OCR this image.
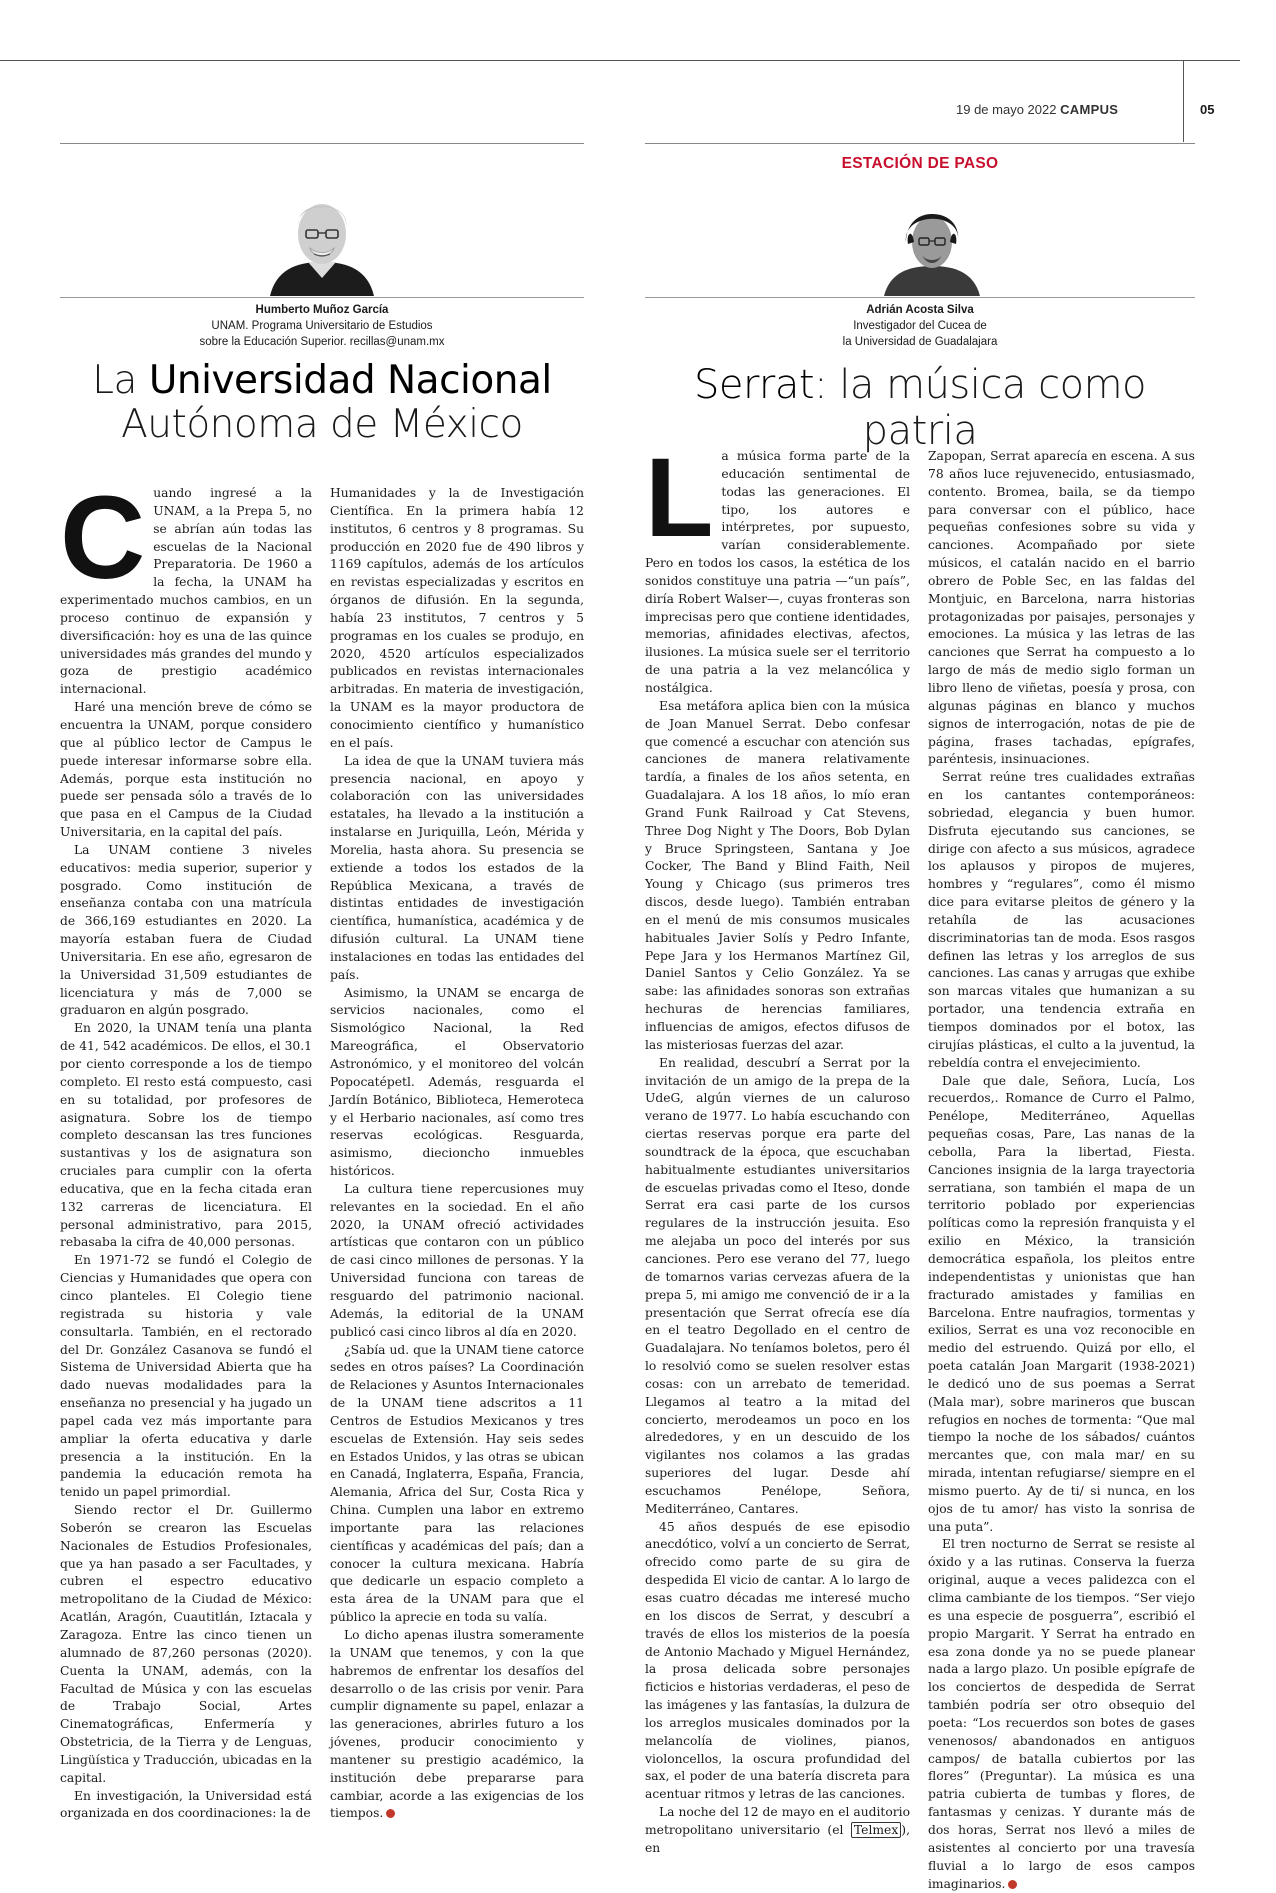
19 de mayo 2022 CAMPUS	05
ESTACIÓN DE PASO
Humberto Muñoz García
UNAM. Programa Universitario de Estudios
sobre la Educación Superior. recillas@unam.mx
La Universidad Nacional
Autónoma de México
C uando ingresé a la UNAM, a la Prepa 5, no se abrían aún todas las escuelas de la Nacional Preparatoria. De 1960 a la fecha, la UNAM ha experimentado muchos cambios, en un proceso continuo de expansión y diversificación: hoy es una de las quince universidades más grandes del mundo y goza de prestigio académico internacional.

Haré una mención breve de cómo se encuentra la UNAM, porque considero que al público lector de Campus le puede interesar informarse sobre ella. Además, porque esta institución no puede ser pensada sólo a través de lo que pasa en el Campus de la Ciudad Universitaria, en la capital del país.

La UNAM contiene 3 niveles educativos: media superior, superior y posgrado. Como institución de enseñanza contaba con una matrícula de 366,169 estudiantes en 2020. La mayoría estaban fuera de Ciudad Universitaria. En ese año, egresaron de la Universidad 31,509 estudiantes de licenciatura y más de 7,000 se graduaron en algún posgrado.

En 2020, la UNAM tenía una planta de 41, 542 académicos. De ellos, el 30.1 por ciento corresponde a los de tiempo completo. El resto está compuesto, casi en su totalidad, por profesores de asignatura. Sobre los de tiempo completo descansan las tres funciones sustantivas y los de asignatura son cruciales para cumplir con la oferta educativa, que en la fecha citada eran 132 carreras de licenciatura. El personal administrativo, para 2015, rebasaba la cifra de 40,000 personas.

En 1971-72 se fundó el Colegio de Ciencias y Humanidades que opera con cinco planteles. El Colegio tiene registrada su historia y vale consultarla. También, en el rectorado del Dr. González Casanova se fundó el Sistema de Universidad Abierta que ha dado nuevas modalidades para la enseñanza no presencial y ha jugado un papel cada vez más importante para ampliar la oferta educativa y darle presencia a la institución. En la pandemia la educación remota ha tenido un papel primordial.

Siendo rector el Dr. Guillermo Soberón se crearon las Escuelas Nacionales de Estudios Profesionales, que ya han pasado a ser Facultades, y cubren el espectro educativo metropolitano de la Ciudad de México: Acatlán, Aragón, Cuautitlán, Iztacala y Zaragoza. Entre las cinco tienen un alumnado de 87,260 personas (2020). Cuenta la UNAM, además, con la Facultad de Música y con las escuelas de Trabajo Social, Artes Cinematográficas, Enfermería y Obstetricia, de la Tierra y de Lenguas, Lingüística y Traducción, ubicadas en la capital.

En investigación, la Universidad está organizada en dos coordinaciones: la de

Humanidades y la de Investigación Científica. En la primera había 12 institutos, 6 centros y 8 programas. Su producción en 2020 fue de 490 libros y 1169 capítulos, además de los artículos en revistas especializadas y escritos en órganos de difusión. En la segunda, había 23 institutos, 7 centros y 5 programas en los cuales se produjo, en 2020, 4520 artículos especializados publicados en revistas internacionales arbitradas. En materia de investigación, la UNAM es la mayor productora de conocimiento científico y humanístico en el país.

La idea de que la UNAM tuviera más presencia nacional, en apoyo y colaboración con las universidades estatales, ha llevado a la institución a instalarse en Juriquilla, León, Mérida y Morelia, hasta ahora. Su presencia se extiende a todos los estados de la República Mexicana, a través de distintas entidades de investigación científica, humanística, académica y de difusión cultural. La UNAM tiene instalaciones en todas las entidades del país.

Asimismo, la UNAM se encarga de servicios nacionales, como el Sismológico Nacional, la Red Mareográfica, el Observatorio Astronómico, y el monitoreo del volcán Popocatépetl. Además, resguarda el Jardín Botánico, Biblioteca, Hemeroteca y el Herbario nacionales, así como tres reservas ecológicas. Resguarda, asimismo, diecioncho inmuebles históricos.

La cultura tiene repercusiones muy relevantes en la sociedad. En el año 2020, la UNAM ofreció actividades artísticas que contaron con un público de casi cinco millones de personas. Y la Universidad funciona con tareas de resguardo del patrimonio nacional. Además, la editorial de la UNAM publicó casi cinco libros al día en 2020.

¿Sabía ud. que la UNAM tiene catorce sedes en otros países? La Coordinación de Relaciones y Asuntos Internacionales de la UNAM tiene adscritos a 11 Centros de Estudios Mexicanos y tres escuelas de Extensión. Hay seis sedes en Estados Unidos, y las otras se ubican en Canadá, Inglaterra, España, Francia, Alemania, Africa del Sur, Costa Rica y China. Cumplen una labor en extremo importante para las relaciones científicas y académicas del país; dan a conocer la cultura mexicana. Habría que dedicarle un espacio completo a esta área de la UNAM para que el público la aprecie en toda su valía.

Lo dicho apenas ilustra someramente la UNAM que tenemos, y con la que habremos de enfrentar los desafíos del desarrollo o de las crisis por venir. Para cumplir dignamente su papel, enlazar a las generaciones, abrirles futuro a los jóvenes, producir conocimiento y mantener su prestigio académico, la institución debe prepararse para cambiar, acorde a las exigencias de los tiempos.

Adrián Acosta Silva
Investigador del Cucea de
la Universidad de Guadalajara
Serrat: la música como patria
L a música forma parte de la educación sentimental de todas las generaciones. El tipo, los autores e intérpretes, por supuesto, varían considerablemente. Pero en todos los casos, la estética de los sonidos constituye una patria —“un país”, diría Robert Walser—, cuyas fronteras son imprecisas pero que contiene identidades, memorias, afinidades electivas, afectos, ilusiones. La música suele ser el territorio de una patria a la vez melancólica y nostálgica.

Esa metáfora aplica bien con la música de Joan Manuel Serrat. Debo confesar que comencé a escuchar con atención sus canciones de manera relativamente tardía, a finales de los años setenta, en Guadalajara. A los 18 años, lo mío eran Grand Funk Railroad y Cat Stevens, Three Dog Night y The Doors, Bob Dylan y Bruce Springsteen, Santana y Joe Cocker, The Band y Blind Faith, Neil Young y Chicago (sus primeros tres discos, desde luego). También entraban en el menú de mis consumos musicales habituales Javier Solís y Pedro Infante, Pepe Jara y los Hermanos Martínez Gil, Daniel Santos y Celio González. Ya se sabe: las afinidades sonoras son extrañas hechuras de herencias familiares, influencias de amigos, efectos difusos de las misteriosas fuerzas del azar.

En realidad, descubrí a Serrat por la invitación de un amigo de la prepa de la UdeG, algún viernes de un caluroso verano de 1977. Lo había escuchando con ciertas reservas porque era parte del soundtrack de la época, que escuchaban habitualmente estudiantes universitarios de escuelas privadas como el Iteso, donde Serrat era casi parte de los cursos regulares de la instrucción jesuita. Eso me alejaba un poco del interés por sus canciones. Pero ese verano del 77, luego de tomarnos varias cervezas afuera de la prepa 5, mi amigo me convenció de ir a la presentación que Serrat ofrecía ese día en el teatro Degollado en el centro de Guadalajara. No teníamos boletos, pero él lo resolvió como se suelen resolver estas cosas: con un arrebato de temeridad. Llegamos al teatro a la mitad del concierto, merodeamos un poco en los alrededores, y en un descuido de los vigilantes nos colamos a las gradas superiores del lugar. Desde ahí escuchamos Penélope, Señora, Mediterráneo, Cantares.

45 años después de ese episodio anecdótico, volví a un concierto de Serrat, ofrecido como parte de su gira de despedida El vicio de cantar. A lo largo de esas cuatro décadas me interesé mucho en los discos de Serrat, y descubrí a través de ellos los misterios de la poesía de Antonio Machado y Miguel Hernández, la prosa delicada sobre personajes ficticios e historias verdaderas, el peso de las imágenes y las fantasías, la dulzura de los arreglos musicales dominados por la melancolía de violines, pianos, violoncellos, la oscura profundidad del sax, el poder de una batería discreta para acentuar ritmos y letras de las canciones.

La noche del 12 de mayo en el auditorio metropolitano universitario (el Telmex ), en

Zapopan, Serrat aparecía en escena. A sus 78 años luce rejuvenecido, entusiasmado, contento. Bromea, baila, se da tiempo para conversar con el público, hace pequeñas confesiones sobre su vida y canciones. Acompañado por siete músicos, el catalán nacido en el barrio obrero de Poble Sec, en las faldas del Montjuic, en Barcelona, narra historias protagonizadas por paisajes, personajes y emociones. La música y las letras de las canciones que Serrat ha compuesto a lo largo de más de medio siglo forman un libro lleno de viñetas, poesía y prosa, con algunas páginas en blanco y muchos signos de interrogación, notas de pie de página, frases tachadas, epígrafes, paréntesis, insinuaciones.

Serrat reúne tres cualidades extrañas en los cantantes contemporáneos: sobriedad, elegancia y buen humor. Disfruta ejecutando sus canciones, se dirige con afecto a sus músicos, agradece los aplausos y piropos de mujeres, hombres y “regulares”, como él mismo dice para evitarse pleitos de género y la retahíla de las acusaciones discriminatorias tan de moda. Esos rasgos definen las letras y los arreglos de sus canciones. Las canas y arrugas que exhibe son marcas vitales que humanizan a su portador, una tendencia extraña en tiempos dominados por el botox, las cirujías plásticas, el culto a la juventud, la rebeldía contra el envejecimiento.

Dale que dale, Señora, Lucía, Los recuerdos,. Romance de Curro el Palmo, Penélope, Mediterráneo, Aquellas pequeñas cosas, Pare, Las nanas de la cebolla, Para la libertad, Fiesta. Canciones insignia de la larga trayectoria serratiana, son también el mapa de un territorio poblado por experiencias políticas como la represión franquista y el exilio en México, la transición democrática española, los pleitos entre independentistas y unionistas que han fracturado amistades y familias en Barcelona. Entre naufragios, tormentas y exilios, Serrat es una voz reconocible en medio del estruendo. Quizá por ello, el poeta catalán Joan Margarit (1938-2021) le dedicó uno de sus poemas a Serrat (Mala mar), sobre marineros que buscan refugios en noches de tormenta: “Que mal tiempo la noche de los sábados/ cuántos mercantes que, con mala mar/ en su mirada, intentan refugiarse/ siempre en el mismo puerto. Ay de ti/ si nunca, en los ojos de tu amor/ has visto la sonrisa de una puta”.

El tren nocturno de Serrat se resiste al óxido y a las rutinas. Conserva la fuerza original, auque a veces palidezca con el clima cambiante de los tiempos. “Ser viejo es una especie de posguerra”, escribió el propio Margarit. Y Serrat ha entrado en esa zona donde ya no se puede planear nada a largo plazo. Un posible epígrafe de los conciertos de despedida de Serrat también podría ser otro obsequio del poeta: “Los recuerdos son botes de gases venenosos/ abandonados en antiguos campos/ de batalla cubiertos por las flores” (Preguntar). La música es una patria cubierta de tumbas y flores, de fantasmas y cenizas. Y durante más de dos horas, Serrat nos llevó a miles de asistentes al concierto por una travesía fluvial a lo largo de esos campos imaginarios.
